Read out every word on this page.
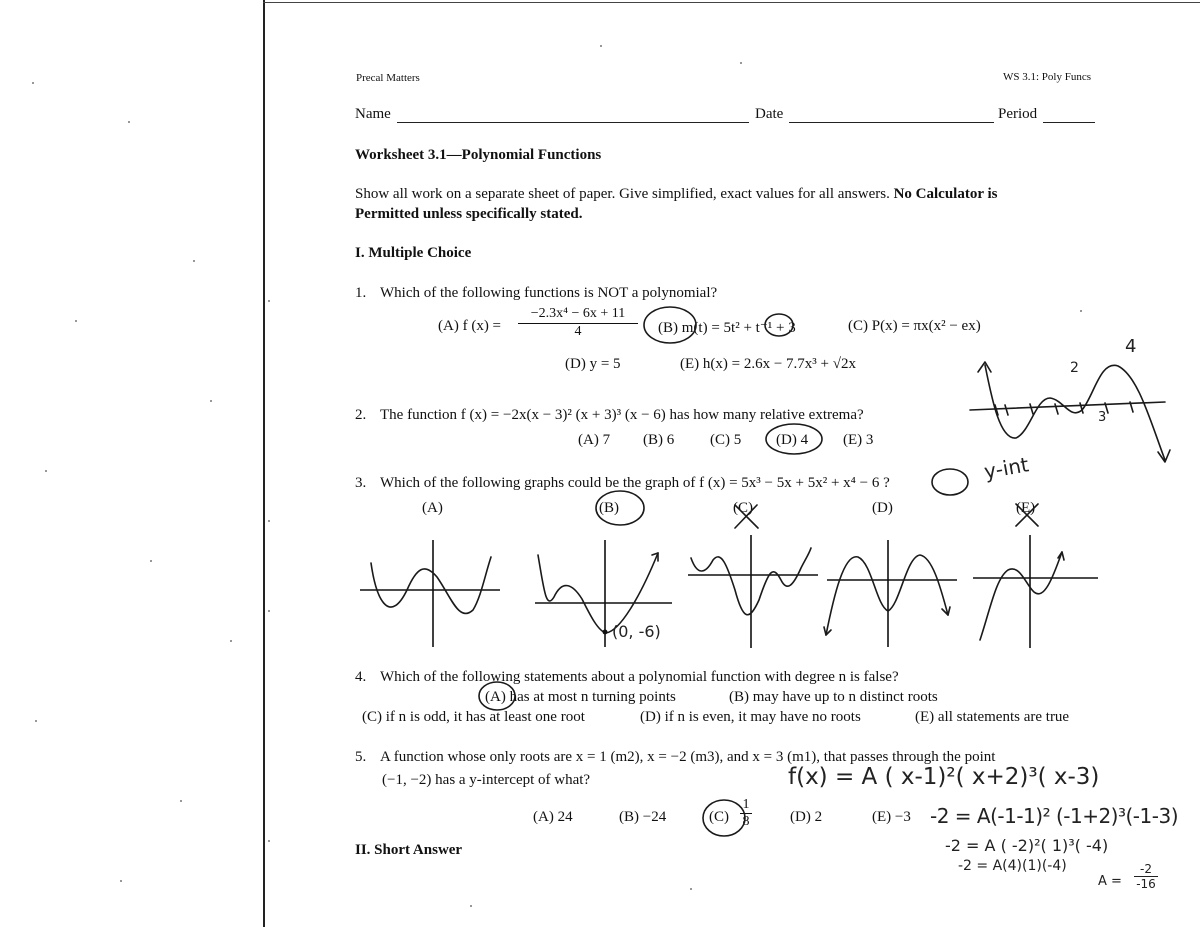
Precal Matters	WS 3.1: Poly Funcs
Name	Date	Period
Worksheet 3.1—Polynomial Functions
Show all work on a separate sheet of paper. Give simplified, exact values for all answers. No Calculator is
Permitted unless specifically stated.
I. Multiple Choice
1. Which of the following functions is NOT a polynomial?
(A) f $(x) = \frac{\text{−2.3x⁴ − 6x + 11}}{4} (B) m(t) = 5t^2 + t^{-1} + 3$	(C) P(x) = πx(x² − ex)
(D) y = 5	(E) h(x) = 2.6x − 7.7x³ + √2x
2. The function f (x) = −2x(x − 3)² (x + 3)³ (x − 6) has how many relative extrema?
(A) 7 (B) 6 (C) 5 (D) 4 (E) 3
3. Which of the following graphs could be the graph of f (x) = 5x³ − 5x + 5x² + x⁴ − 6 ?
(A)	(B)	(C)	(D)	(E)
4. Which of the following statements about a polynomial function with degree n is false?
(A) has at most n turning points	(B) may have up to n distinct roots
(C) if n is odd, it has at least one root	(D) if n is even, it may have no roots	(E) all statements are true
5. A function whose only roots are x = 1 (m2), x = −2 (m3), and x = 3 (m1), that passes through the point
(−1, −2) has a y-intercept of what?
(A) 24	(B) −24	$(C) \frac{1}{8}$	(D) 2	(E) −3
II. Short Answer
(0, -6)
y-int
4
2
3
f(x) = A ( x-1)²( x+2)³( x-3)
-2 = A(-1-1)² (-1+2)³(-1-3)
-2 = A ( -2)²( 1)³( -4)
-2 = A(4)(1)(-4)
$A = \frac{-2}{-16}$
